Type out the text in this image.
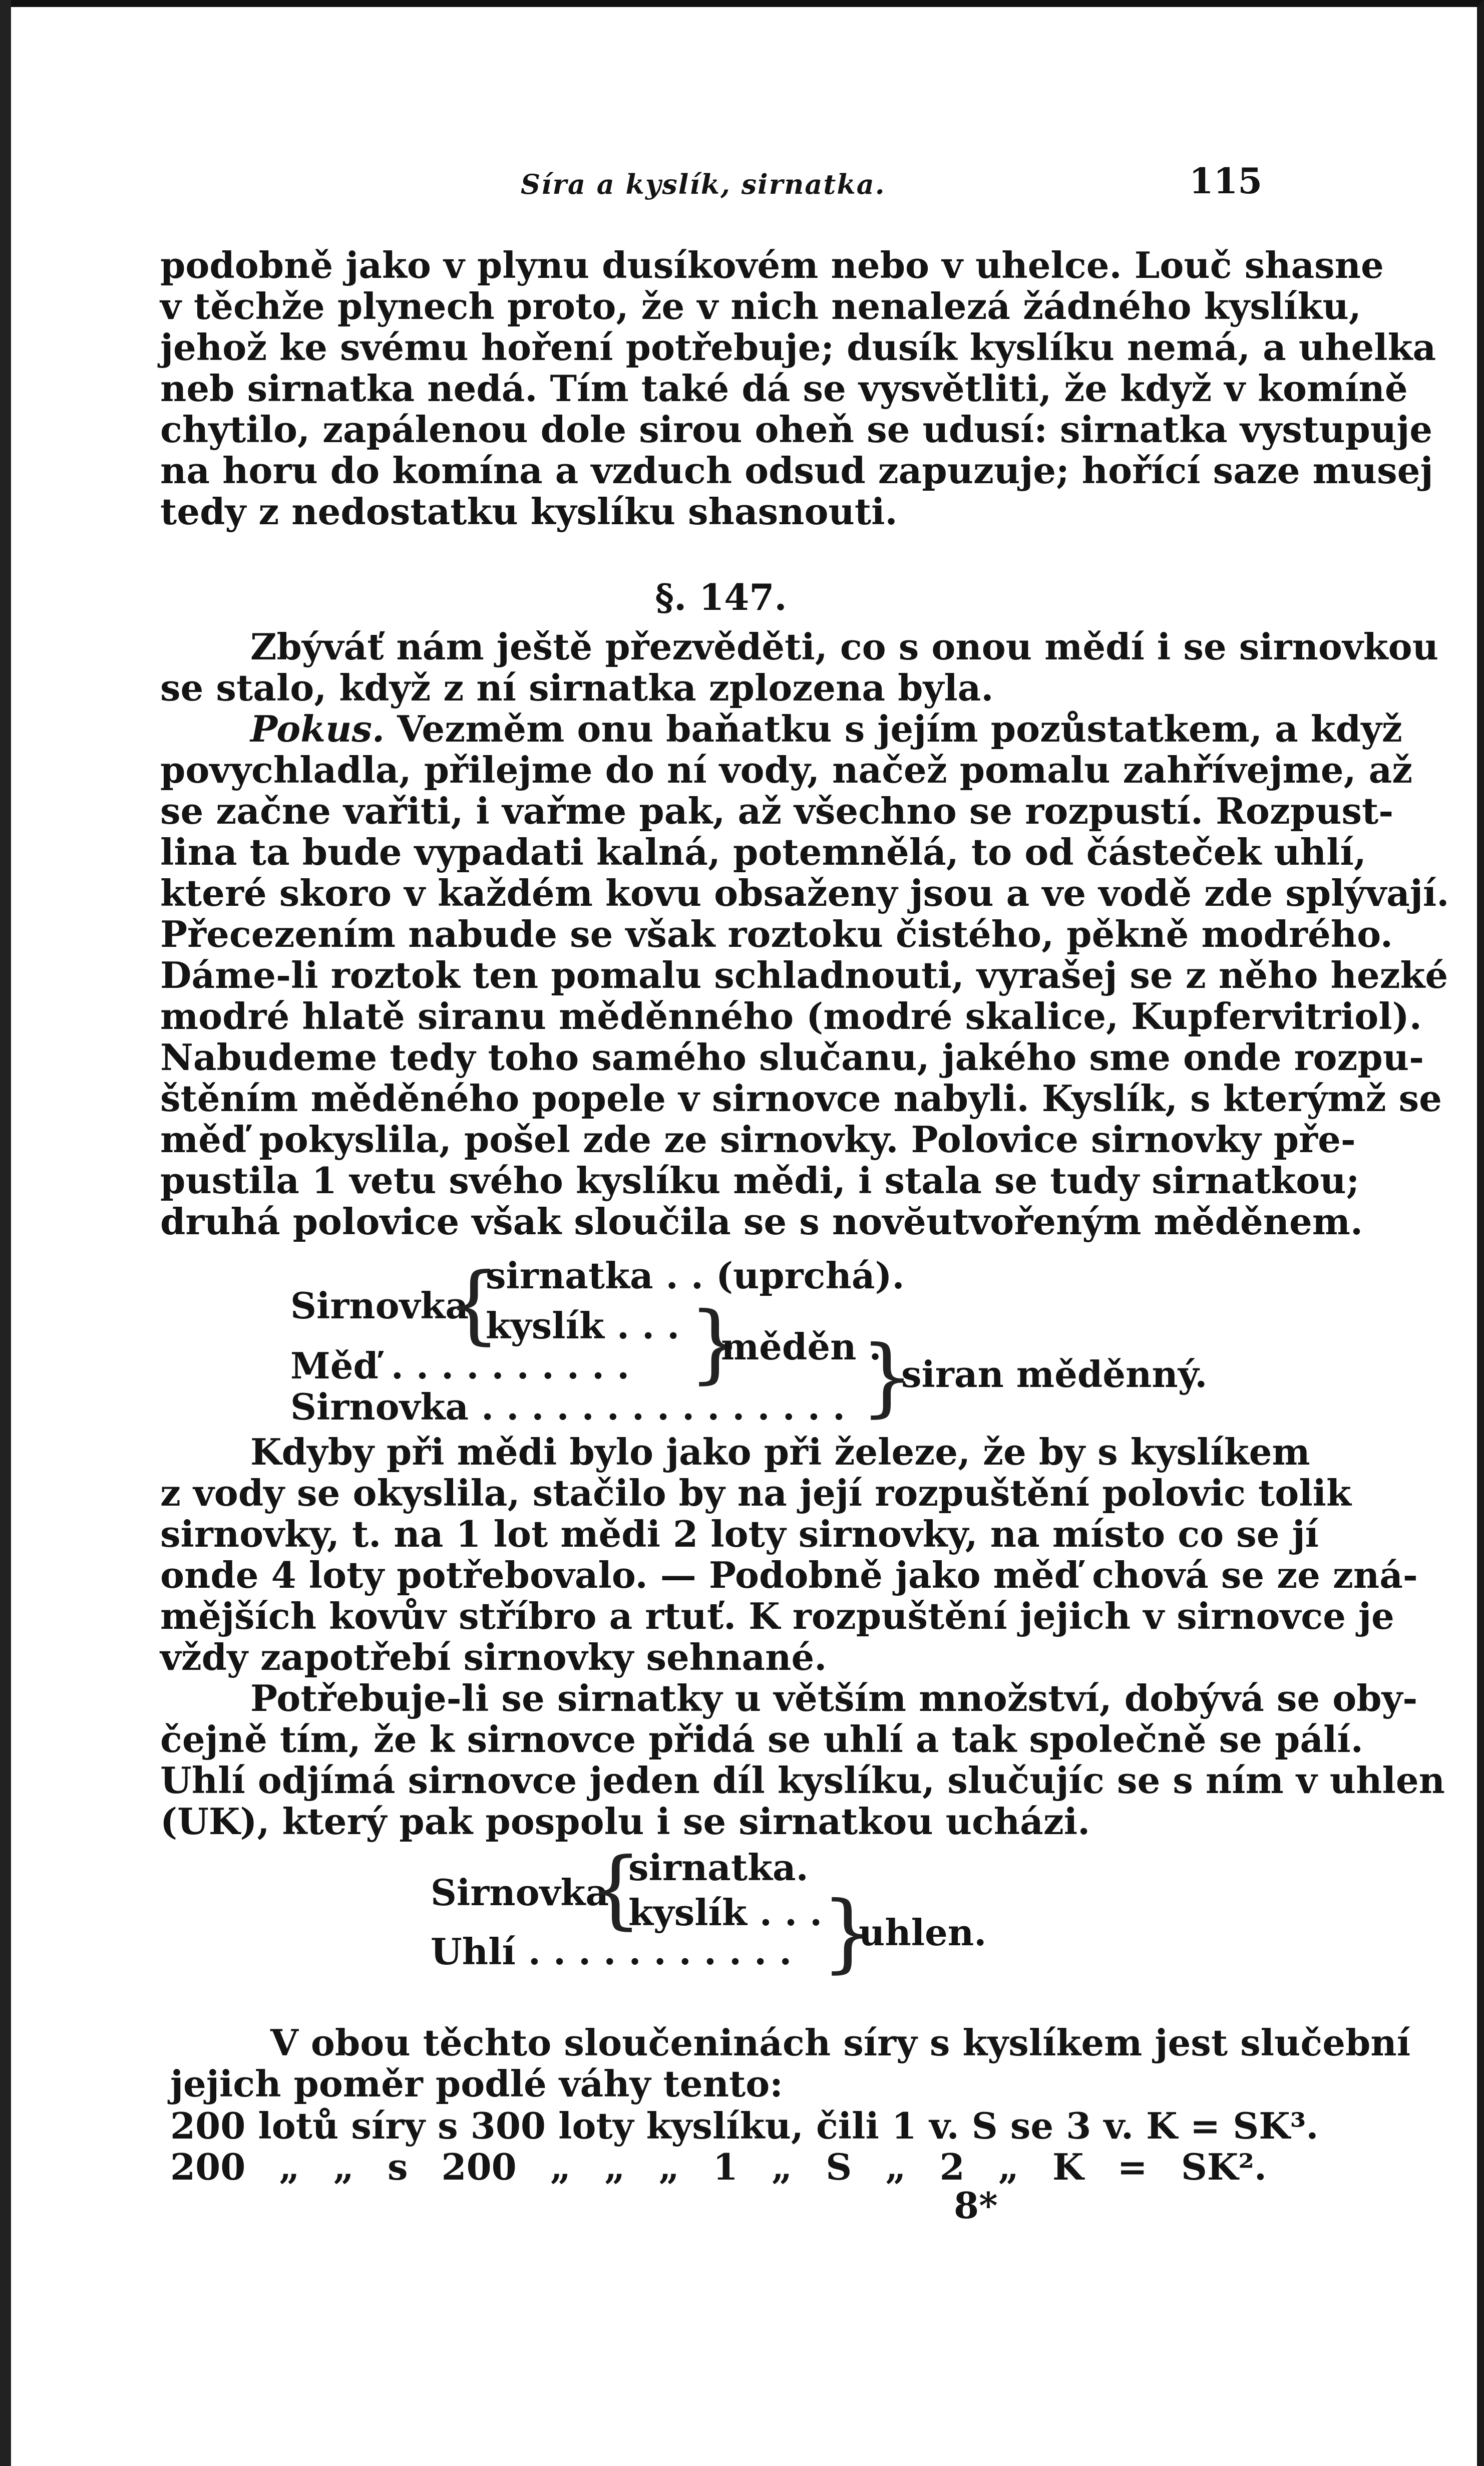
Síra a kyslík, sirnatka.	115
podobně jako v plynu dusíkovém nebo v uhelce. Louč shasne
v těchže plynech proto, že v nich nenalezá žádného kyslíku,
jehož ke svému hoření potřebuje; dusík kyslíku nemá, a uhelka
neb sirnatka nedá. Tím také dá se vysvětliti, že když v komíně
chytilo, zapálenou dole sirou oheň se udusí: sirnatka vystupuje
na horu do komína a vzduch odsud zapuzuje; hořící saze musej
tedy z nedostatku kyslíku shasnouti.
§. 147.
Zbýváť nám ještě přezvěděti, co s onou mědí i se sirnovkou
se stalo, když z ní sirnatka zplozena byla.
Pokus. Vezměm onu baňatku s jejím pozůstatkem, a když
povychladla, přilejme do ní vody, načež pomalu zahřívejme, až
se začne vařiti, i vařme pak, až všechno se rozpustí. Rozpust-
lina ta bude vypadati kalná, potemnělá, to od částeček uhlí,
které skoro v každém kovu obsaženy jsou a ve vodě zde splývají.
Přecezením nabude se však roztoku čistého, pěkně modrého.
Dáme-li roztok ten pomalu schladnouti, vyrašej se z něho hezké
modré hlatě siranu měděnného (modré skalice, Kupfervitriol).
Nabudeme tedy toho samého slučanu, jakého sme onde rozpu-
štěním měděného popele v sirnovce nabyli. Kyslík, s kterýmž se
měď pokyslila, pošel zde ze sirnovky. Polovice sirnovky pře-
pustila 1 vetu svého kyslíku mědi, i stala se tudy sirnatkou;
druhá polovice však sloučila se s novĕutvořeným měděnem.
Sirnovka
{
sirnatka . . (uprchá).
kyslík . . . }
měděn .
Měď . . . . . . . . . .	}
siran měděnný.
Sirnovka . . . . . . . . . . . . . . .
Kdyby při mědi bylo jako při železe, že by s kyslíkem
z vody se okyslila, stačilo by na její rozpuštění polovic tolik
sirnovky, t. na 1 lot mědi 2 loty sirnovky, na místo co se jí
onde 4 loty potřebovalo. — Podobně jako měď chová se ze zná-
mějších kovův stříbro a rtuť. K rozpuštění jejich v sirnovce je
vždy zapotřebí sirnovky sehnané.
Potřebuje-li se sirnatky u větším množství, dobývá se oby-
čejně tím, že k sirnovce přidá se uhlí a tak společně se pálí.
Uhlí odjímá sirnovce jeden díl kyslíku, slučujíc se s ním v uhlen
(UK), který pak pospolu i se sirnatkou ucházi.
Sirnovka
{
sirnatka.
kyslík . . .
}
uhlen.
Uhlí . . . . . . . . . . .
V obou těchto sloučeninách síry s kyslíkem jest slučební
jejich poměr podlé váhy tento:
200 lotů síry s 300 loty kyslíku, čili 1 v. S se 3 v. K = SK³.
200 „ „ s 200 „ „ „ 1 „ S „ 2 „ K = SK².
8*
